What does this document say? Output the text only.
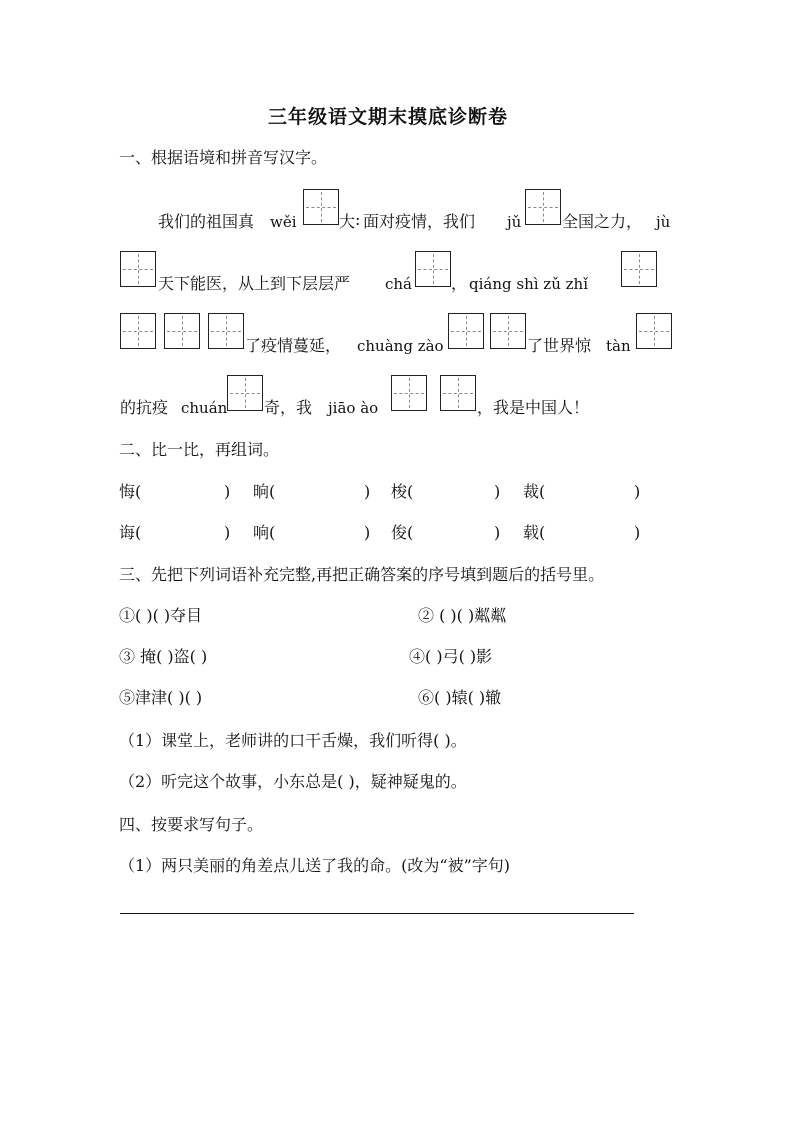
三年级语文期末摸底诊断卷
一、根据语境和拼音写汉字。
我们的祖国真 wěi	大 : 面对疫情，我们 jǔ	全国之力， jù
天下能医，从上到下层层严 chá ， qiáng shì zǔ zhǐ
了疫情蔓延， chuàng zào	了世界惊 tàn
的抗疫 chuán 奇，我 jiāo ào	，我是中国人！
二、比一比，再组词。
悔(	) 晌(	) 梭(	) 裁(	)
诲(	) 响(	) 俊(	) 载(	)
三、先把下列词语补充完整,再把正确答案的序号填到题后的括号里。
①( )( )夺目	② ( )( )粼粼
③ 掩( )盗( )	④( )弓( )影
⑤津津( )( )	⑥( )辕( )辙
（1）课堂上，老师讲的口干舌燥，我们听得( )。
（2）听完这个故事，小东总是( )，疑神疑鬼的。
四、按要求写句子。
（1）两只美丽的角差点儿送了我的命。(改为“被”字句)
